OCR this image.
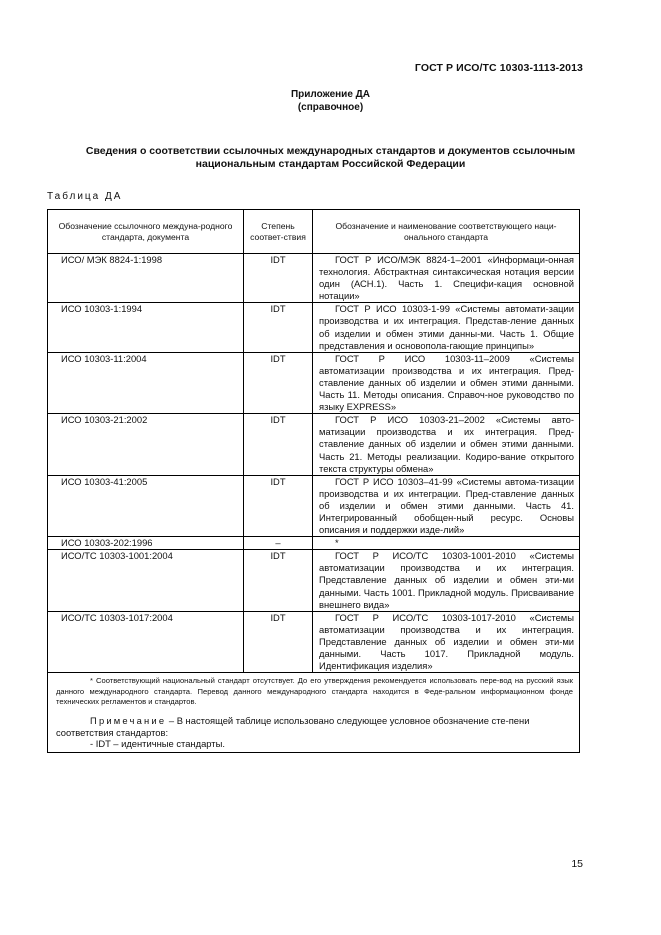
ГОСТ Р ИСО/ТС 10303-1113-2013
Приложение ДА
(справочное)
Сведения о соответствии ссылочных международных стандартов и документов ссылочным
национальным стандартам Российской Федерации
Таблица ДА
Обозначение ссылочного междуна-родного стандарта, документа	Степень соответ-ствия	Обозначение и наименование соответствующего наци-онального стандарта
ИСО/ МЭК 8824-1:1998	IDT	ГОСТ Р ИСО/МЭК 8824-1–2001 «Информаци-онная технология. Абстрактная синтаксическая нотация версии один (АСН.1). Часть 1. Специфи-кация основной нотации»
ИСО 10303-1:1994	IDT	ГОСТ Р ИСО 10303-1-99 «Системы автомати-зации производства и их интеграция. Представ-ление данных об изделии и обмен этими данны-ми. Часть 1. Общие представления и основопола-гающие принципы»
ИСО 10303-11:2004	IDT	ГОСТ Р ИСО 10303-11–2009 «Системы автоматизации производства и их интеграция. Пред-ставление данных об изделии и обмен этими данными. Часть 11. Методы описания. Справоч-ное руководство по языку EXPRESS»
ИСО 10303-21:2002	IDT	ГОСТ Р ИСО 10303-21–2002 «Системы авто-матизации производства и их интеграция. Пред-ставление данных об изделии и обмен этими данными. Часть 21. Методы реализации. Кодиро-вание открытого текста структуры обмена»
ИСО 10303-41:2005	IDT	ГОСТ Р ИСО 10303–41-99 «Системы автома-тизации производства и их интеграции. Пред-ставление данных об изделии и обмен этими данными. Часть 41. Интегрированный обобщен-ный ресурс. Основы описания и поддержки изде-лий»
ИСО 10303-202:1996	–	*
ИСО/ТС 10303-1001:2004	IDT	ГОСТ Р ИСО/ТС 10303-1001-2010 «Системы автоматизации производства и их интеграция. Представление данных об изделии и обмен эти-ми данными. Часть 1001. Прикладной модуль. Присваивание внешнего вида»
ИСО/ТС 10303-1017:2004	IDT	ГОСТ Р ИСО/ТС 10303-1017-2010 «Системы автоматизации производства и их интеграция. Представление данных об изделии и обмен эти-ми данными. Часть 1017. Прикладной модуль. Идентификация изделия»

* Соответствующий национальный стандарт отсутствует. До его утверждения рекомендуется использовать пере-вод на русский язык данного международного стандарта. Перевод данного международного стандарта находится в Феде-ральном информационном фонде технических регламентов и стандартов.

Примечание – В настоящей таблице использовано следующее условное обозначение сте-пени соответствия стандартов:

- IDT – идентичные стандарты.		

15
